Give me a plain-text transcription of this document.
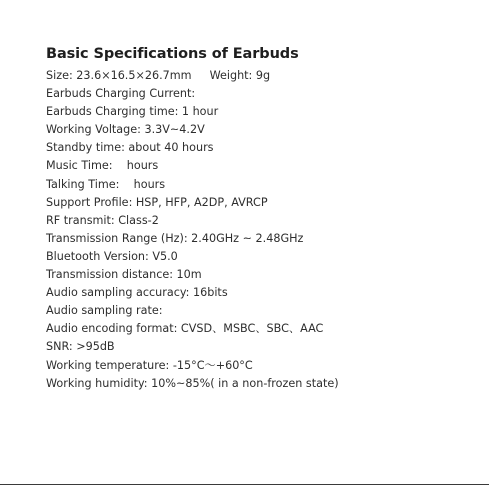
Basic Specifications of Earbuds
Size: 23.6×16.5×26.7mm Weight: 9g
Earbuds Charging Current:
Earbuds Charging time: 1 hour
Working Voltage: 3.3V~4.2V
Standby time: about 40 hours
Music Time:    hours
Talking Time:    hours
Support Profile: HSP, HFP, A2DP, AVRCP
RF transmit: Class-2
Transmission Range (Hz): 2.40GHz ~ 2.48GHz
Bluetooth Version: V5.0
Transmission distance: 10m
Audio sampling accuracy: 16bits
Audio sampling rate:
Audio encoding format: CVSD、MSBC、SBC、AAC
SNR: >95dB
Working temperature: -15°C～+60°C
Working humidity: 10%~85%( in a non-frozen state)
